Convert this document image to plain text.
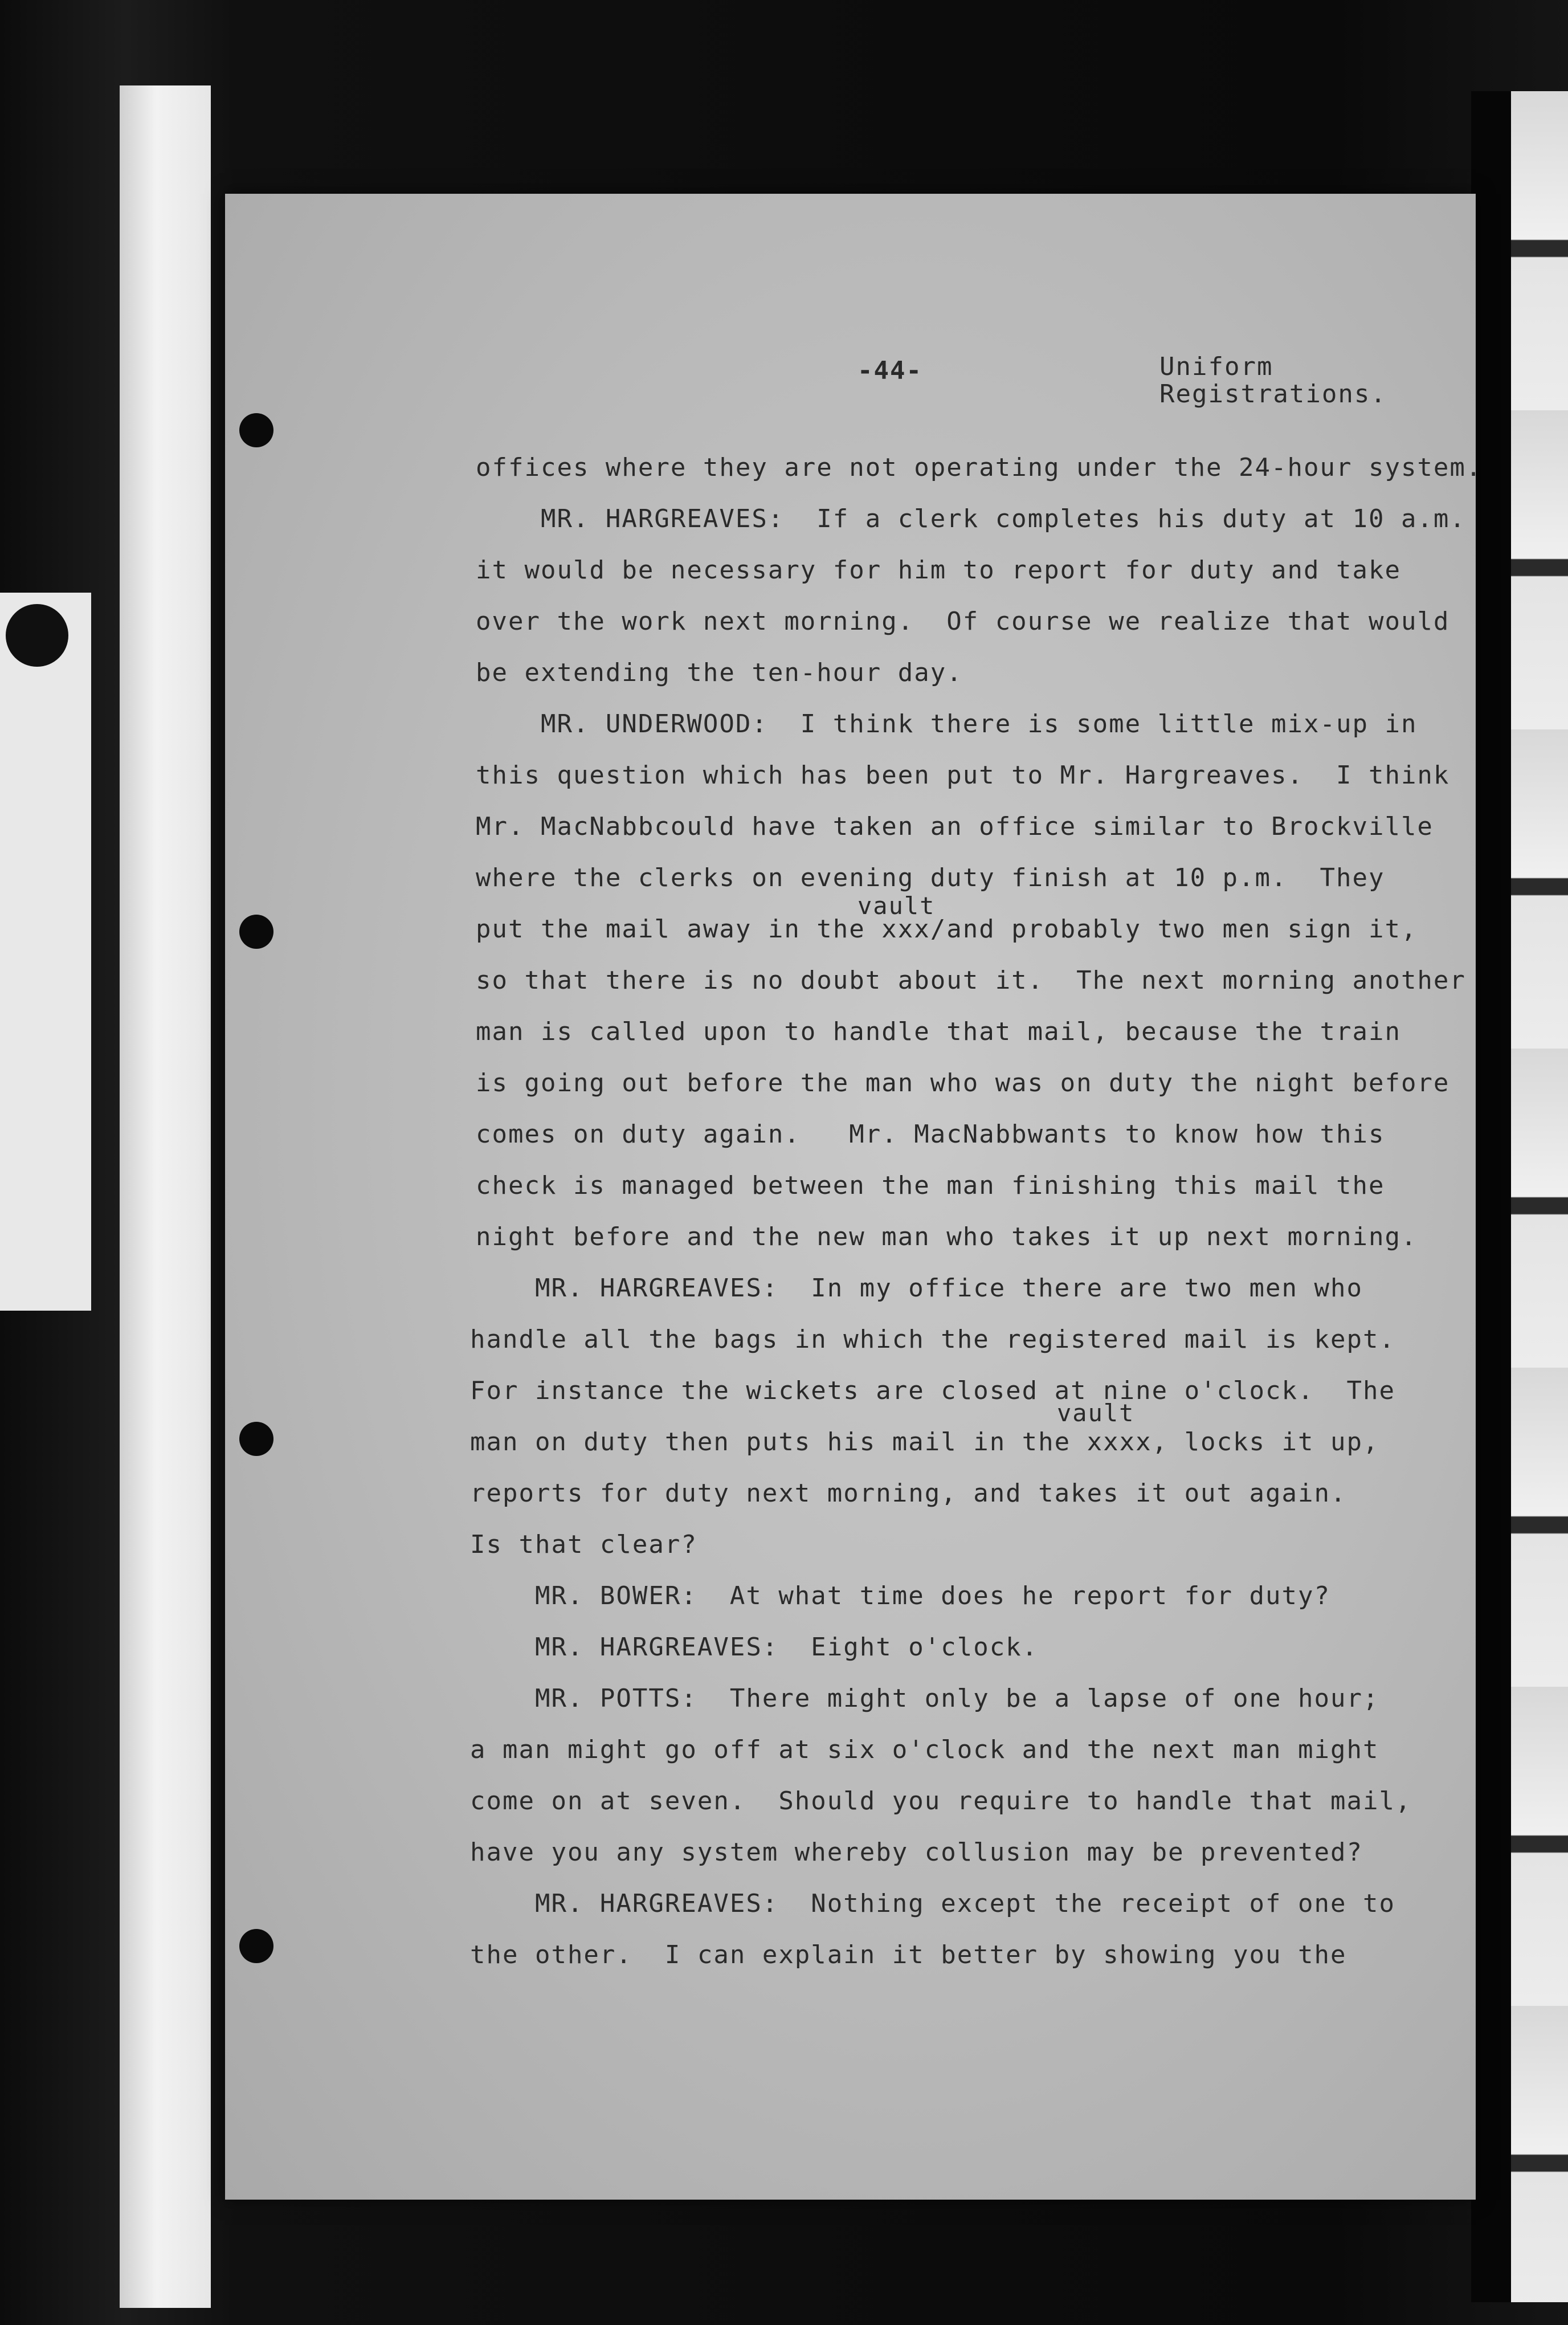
-44-	Uniform
Registrations.
vault
vault
offices where they are not operating under the 24-hour system.
MR. HARGREAVES:  If a clerk completes his duty at 10 a.m.
it would be necessary for him to report for duty and take
over the work next morning.  Of course we realize that would
be extending the ten-hour day.
MR. UNDERWOOD:  I think there is some little mix-up in
this question which has been put to Mr. Hargreaves.  I think
Mr. MacNabbcould have taken an office similar to Brockville
where the clerks on evening duty finish at 10 p.m.  They
put the mail away in the xxx/and probably two men sign it,
so that there is no doubt about it.  The next morning another
man is called upon to handle that mail, because the train
is going out before the man who was on duty the night before
comes on duty again.   Mr. MacNabbwants to know how this
check is managed between the man finishing this mail the
night before and the new man who takes it up next morning.
MR. HARGREAVES:  In my office there are two men who
handle all the bags in which the registered mail is kept.
For instance the wickets are closed at nine o'clock.  The
man on duty then puts his mail in the xxxx, locks it up,
reports for duty next morning, and takes it out again.
Is that clear?
MR. BOWER:  At what time does he report for duty?
MR. HARGREAVES:  Eight o'clock.
MR. POTTS:  There might only be a lapse of one hour;
a man might go off at six o'clock and the next man might
come on at seven.  Should you require to handle that mail,
have you any system whereby collusion may be prevented?
MR. HARGREAVES:  Nothing except the receipt of one to
the other.  I can explain it better by showing you the
